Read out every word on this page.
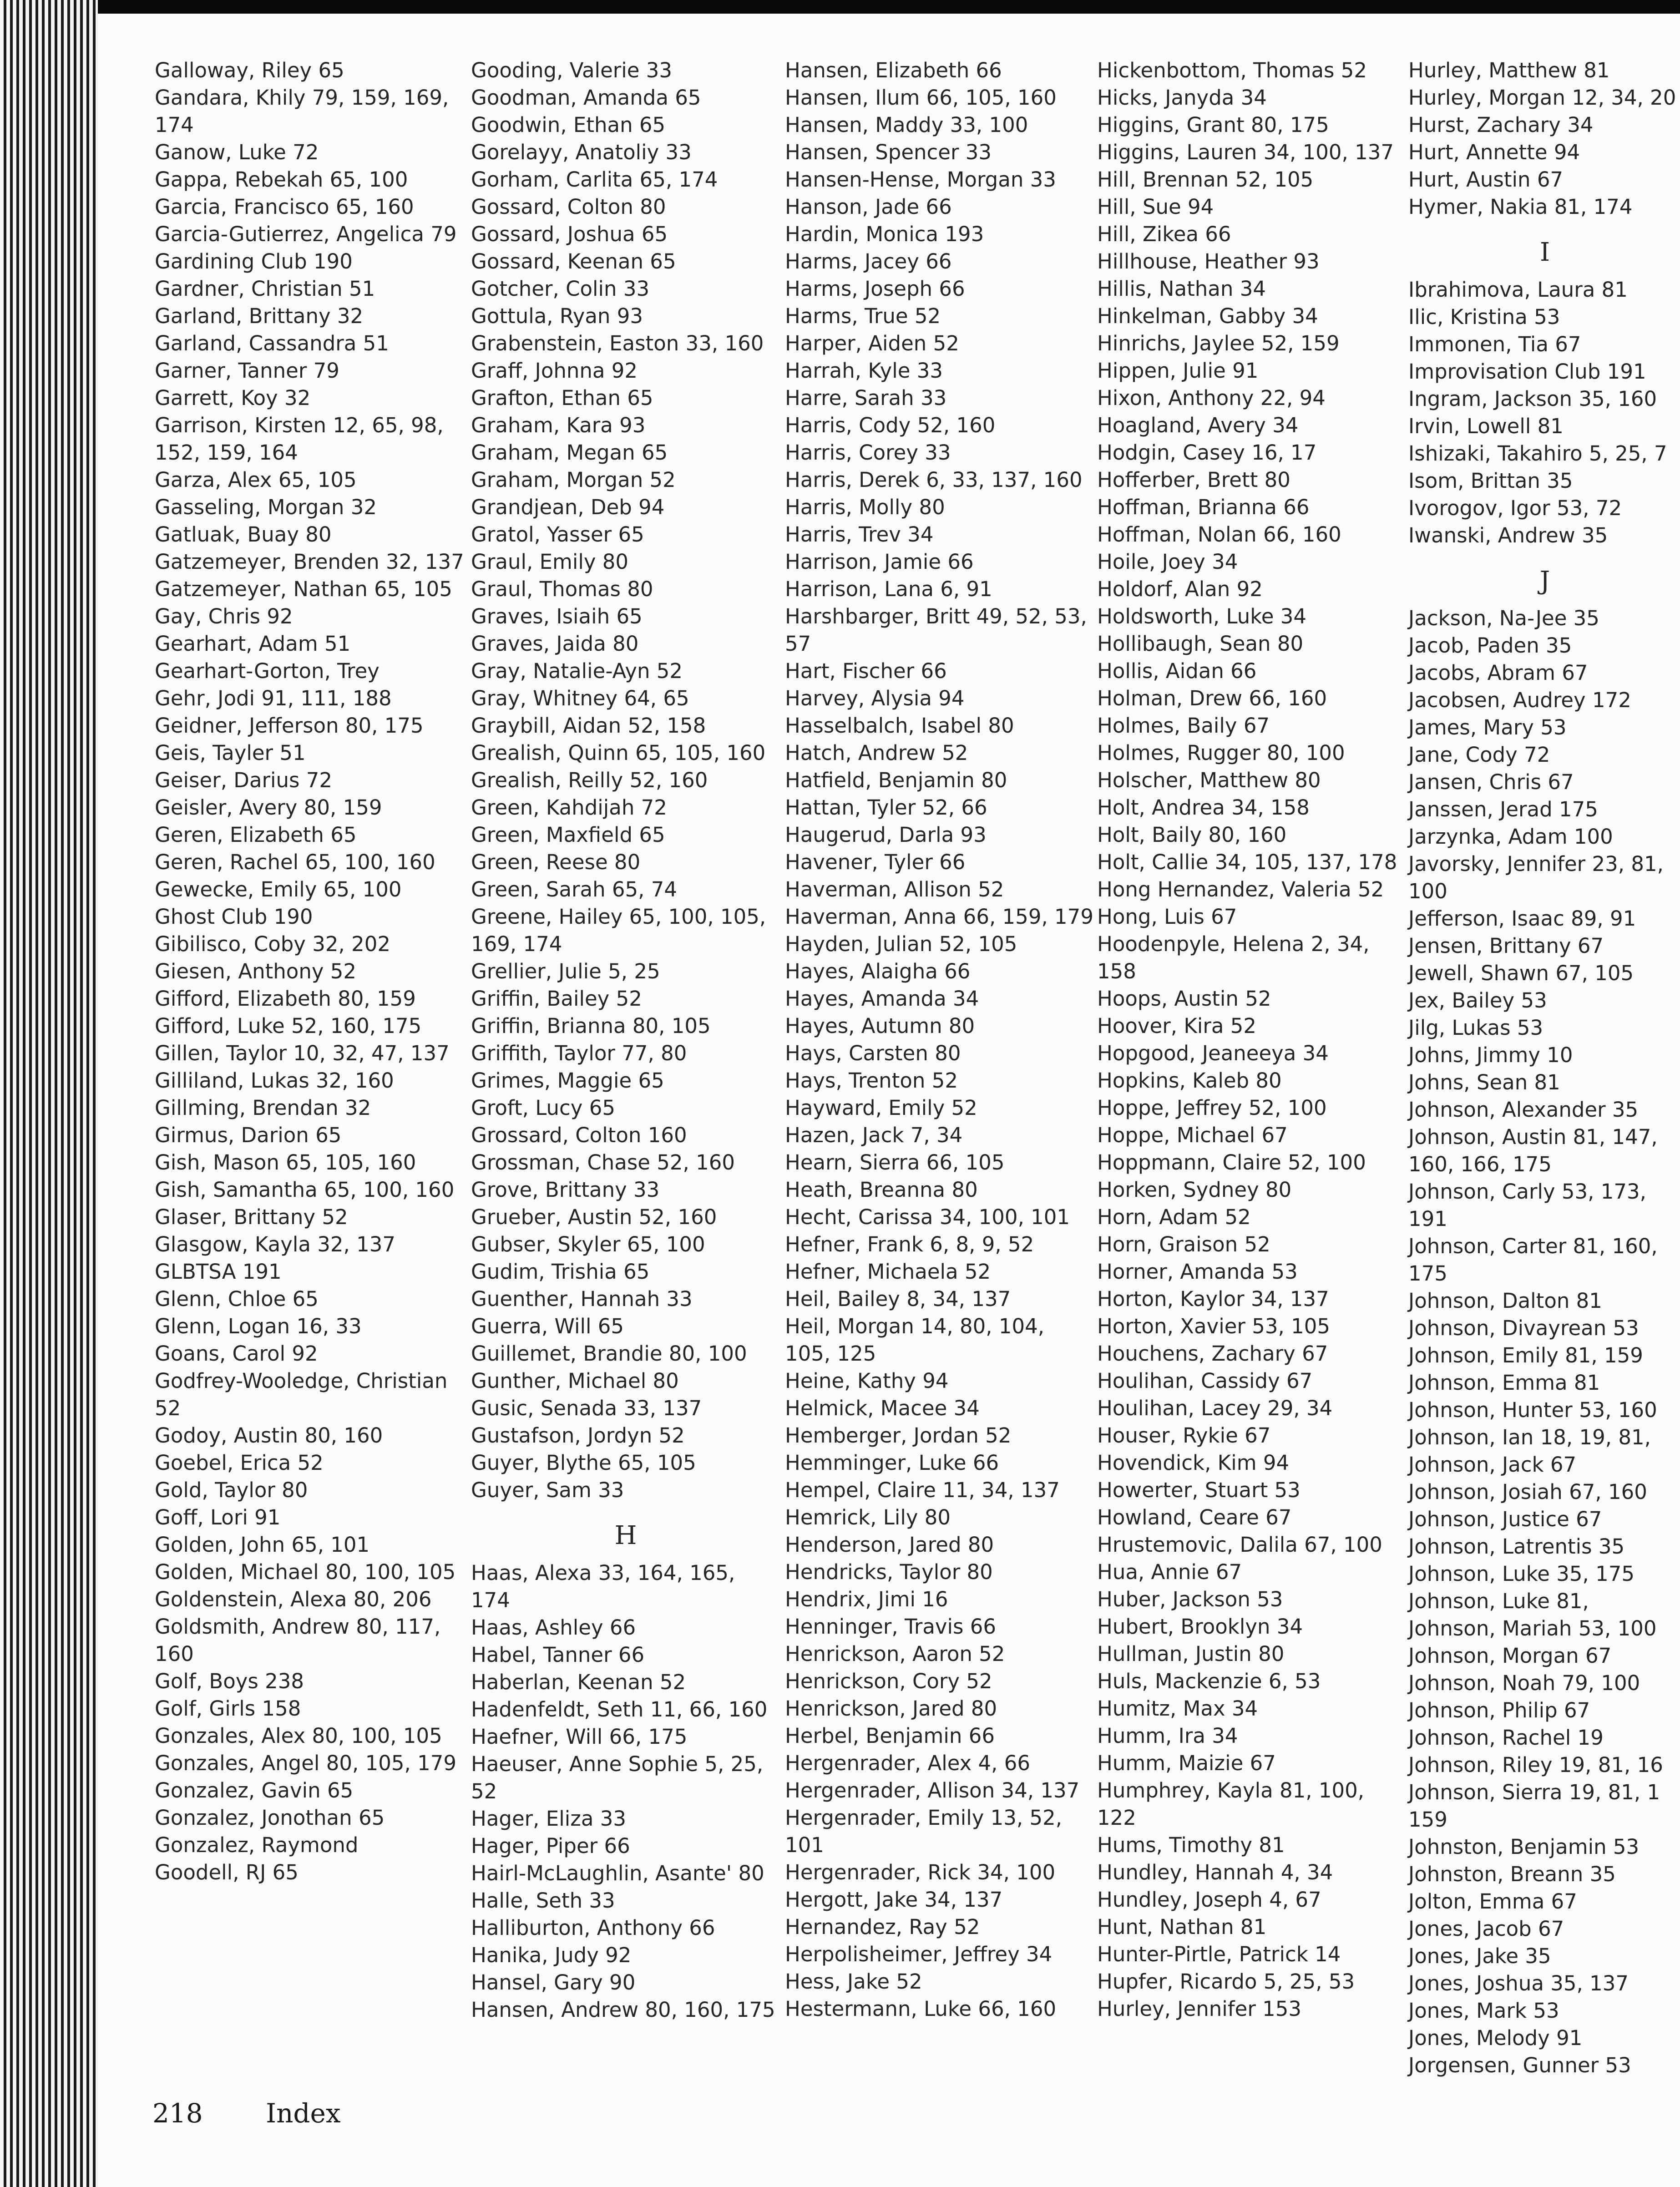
Galloway, Riley 65
Gandara, Khily 79, 159, 169, 174
Ganow, Luke 72
Gappa, Rebekah 65, 100
Garcia, Francisco 65, 160
Garcia-Gutierrez, Angelica 79
Gardining Club 190
Gardner, Christian 51
Garland, Brittany 32
Garland, Cassandra 51
Garner, Tanner 79
Garrett, Koy 32
Garrison, Kirsten 12, 65, 98, 152, 159, 164
Garza, Alex 65, 105
Gasseling, Morgan 32
Gatluak, Buay 80
Gatzemeyer, Brenden 32, 137
Gatzemeyer, Nathan 65, 105
Gay, Chris 92
Gearhart, Adam 51
Gearhart-Gorton, Trey
Gehr, Jodi 91, 111, 188
Geidner, Jefferson 80, 175
Geis, Tayler 51
Geiser, Darius 72
Geisler, Avery 80, 159
Geren, Elizabeth 65
Geren, Rachel 65, 100, 160
Gewecke, Emily 65, 100
Ghost Club 190
Gibilisco, Coby 32, 202
Giesen, Anthony 52
Gifford, Elizabeth 80, 159
Gifford, Luke 52, 160, 175
Gillen, Taylor 10, 32, 47, 137
Gilliland, Lukas 32, 160
Gillming, Brendan 32
Girmus, Darion 65
Gish, Mason 65, 105, 160
Gish, Samantha 65, 100, 160
Glaser, Brittany 52
Glasgow, Kayla 32, 137
GLBTSA 191
Glenn, Chloe 65
Glenn, Logan 16, 33
Goans, Carol 92
Godfrey-Wooledge, Christian 52
Godoy, Austin 80, 160
Goebel, Erica 52
Gold, Taylor 80
Goff, Lori 91
Golden, John 65, 101
Golden, Michael 80, 100, 105
Goldenstein, Alexa 80, 206
Goldsmith, Andrew 80, 117, 160
Golf, Boys 238
Golf, Girls 158
Gonzales, Alex 80, 100, 105
Gonzales, Angel 80, 105, 179
Gonzalez, Gavin 65
Gonzalez, Jonothan 65
Gonzalez, Raymond
Goodell, RJ 65
Gooding, Valerie 33
Goodman, Amanda 65
Goodwin, Ethan 65
Gorelayy, Anatoliy 33
Gorham, Carlita 65, 174
Gossard, Colton 80
Gossard, Joshua 65
Gossard, Keenan 65
Gotcher, Colin 33
Gottula, Ryan 93
Grabenstein, Easton 33, 160
Graff, Johnna 92
Grafton, Ethan 65
Graham, Kara 93
Graham, Megan 65
Graham, Morgan 52
Grandjean, Deb 94
Gratol, Yasser 65
Graul, Emily 80
Graul, Thomas 80
Graves, Isiaih 65
Graves, Jaida 80
Gray, Natalie-Ayn 52
Gray, Whitney 64, 65
Graybill, Aidan 52, 158
Grealish, Quinn 65, 105, 160
Grealish, Reilly 52, 160
Green, Kahdijah 72
Green, Maxfield 65
Green, Reese 80
Green, Sarah 65, 74
Greene, Hailey 65, 100, 105, 169, 174
Grellier, Julie 5, 25
Griffin, Bailey 52
Griffin, Brianna 80, 105
Griffith, Taylor 77, 80
Grimes, Maggie 65
Groft, Lucy 65
Grossard, Colton 160
Grossman, Chase 52, 160
Grove, Brittany 33
Grueber, Austin 52, 160
Gubser, Skyler 65, 100
Gudim, Trishia 65
Guenther, Hannah 33
Guerra, Will 65
Guillemet, Brandie 80, 100
Gunther, Michael 80
Gusic, Senada 33, 137
Gustafson, Jordyn 52
Guyer, Blythe 65, 105
Guyer, Sam 33
H
Haas, Alexa 33, 164, 165, 174
Haas, Ashley 66
Habel, Tanner 66
Haberlan, Keenan 52
Hadenfeldt, Seth 11, 66, 160
Haefner, Will 66, 175
Haeuser, Anne Sophie 5, 25, 52
Hager, Eliza 33
Hager, Piper 66
Hairl-McLaughlin, Asante' 80
Halle, Seth 33
Halliburton, Anthony 66
Hanika, Judy 92
Hansel, Gary 90
Hansen, Andrew 80, 160, 175
Hansen, Elizabeth 66
Hansen, Ilum 66, 105, 160
Hansen, Maddy 33, 100
Hansen, Spencer 33
Hansen-Hense, Morgan 33
Hanson, Jade 66
Hardin, Monica 193
Harms, Jacey 66
Harms, Joseph 66
Harms, True 52
Harper, Aiden 52
Harrah, Kyle 33
Harre, Sarah 33
Harris, Cody 52, 160
Harris, Corey 33
Harris, Derek 6, 33, 137, 160
Harris, Molly 80
Harris, Trev 34
Harrison, Jamie 66
Harrison, Lana 6, 91
Harshbarger, Britt 49, 52, 53, 57
Hart, Fischer 66
Harvey, Alysia 94
Hasselbalch, Isabel 80
Hatch, Andrew 52
Hatfield, Benjamin 80
Hattan, Tyler 52, 66
Haugerud, Darla 93
Havener, Tyler 66
Haverman, Allison 52
Haverman, Anna 66, 159, 179
Hayden, Julian 52, 105
Hayes, Alaigha 66
Hayes, Amanda 34
Hayes, Autumn 80
Hays, Carsten 80
Hays, Trenton 52
Hayward, Emily 52
Hazen, Jack 7, 34
Hearn, Sierra 66, 105
Heath, Breanna 80
Hecht, Carissa 34, 100, 101
Hefner, Frank 6, 8, 9, 52
Hefner, Michaela 52
Heil, Bailey 8, 34, 137
Heil, Morgan 14, 80, 104, 105, 125
Heine, Kathy 94
Helmick, Macee 34
Hemberger, Jordan 52
Hemminger, Luke 66
Hempel, Claire 11, 34, 137
Hemrick, Lily 80
Henderson, Jared 80
Hendricks, Taylor 80
Hendrix, Jimi 16
Henninger, Travis 66
Henrickson, Aaron 52
Henrickson, Cory 52
Henrickson, Jared 80
Herbel, Benjamin 66
Hergenrader, Alex 4, 66
Hergenrader, Allison 34, 137
Hergenrader, Emily 13, 52, 101
Hergenrader, Rick 34, 100
Hergott, Jake 34, 137
Hernandez, Ray 52
Herpolisheimer, Jeffrey 34
Hess, Jake 52
Hestermann, Luke 66, 160
Hickenbottom, Thomas 52
Hicks, Janyda 34
Higgins, Grant 80, 175
Higgins, Lauren 34, 100, 137
Hill, Brennan 52, 105
Hill, Sue 94
Hill, Zikea 66
Hillhouse, Heather 93
Hillis, Nathan 34
Hinkelman, Gabby 34
Hinrichs, Jaylee 52, 159
Hippen, Julie 91
Hixon, Anthony 22, 94
Hoagland, Avery 34
Hodgin, Casey 16, 17
Hofferber, Brett 80
Hoffman, Brianna 66
Hoffman, Nolan 66, 160
Hoile, Joey 34
Holdorf, Alan 92
Holdsworth, Luke 34
Hollibaugh, Sean 80
Hollis, Aidan 66
Holman, Drew 66, 160
Holmes, Baily 67
Holmes, Rugger 80, 100
Holscher, Matthew 80
Holt, Andrea 34, 158
Holt, Baily 80, 160
Holt, Callie 34, 105, 137, 178
Hong Hernandez, Valeria 52
Hong, Luis 67
Hoodenpyle, Helena 2, 34, 158
Hoops, Austin 52
Hoover, Kira 52
Hopgood, Jeaneeya 34
Hopkins, Kaleb 80
Hoppe, Jeffrey 52, 100
Hoppe, Michael 67
Hoppmann, Claire 52, 100
Horken, Sydney 80
Horn, Adam 52
Horn, Graison 52
Horner, Amanda 53
Horton, Kaylor 34, 137
Horton, Xavier 53, 105
Houchens, Zachary 67
Houlihan, Cassidy 67
Houlihan, Lacey 29, 34
Houser, Rykie 67
Hovendick, Kim 94
Howerter, Stuart 53
Howland, Ceare 67
Hrustemovic, Dalila 67, 100
Hua, Annie 67
Huber, Jackson 53
Hubert, Brooklyn 34
Hullman, Justin 80
Huls, Mackenzie 6, 53
Humitz, Max 34
Humm, Ira 34
Humm, Maizie 67
Humphrey, Kayla 81, 100, 122
Hums, Timothy 81
Hundley, Hannah 4, 34
Hundley, Joseph 4, 67
Hunt, Nathan 81
Hunter-Pirtle, Patrick 14
Hupfer, Ricardo 5, 25, 53
Hurley, Jennifer 153
Hurley, Matthew 81
Hurley, Morgan 12, 34, 20
Hurst, Zachary 34
Hurt, Annette 94
Hurt, Austin 67
Hymer, Nakia 81, 174
I
Ibrahimova, Laura 81
Ilic, Kristina 53
Immonen, Tia 67
Improvisation Club 191
Ingram, Jackson 35, 160
Irvin, Lowell 81
Ishizaki, Takahiro 5, 25, 7
Isom, Brittan 35
Ivorogov, Igor 53, 72
Iwanski, Andrew 35
J
Jackson, Na-Jee 35
Jacob, Paden 35
Jacobs, Abram 67
Jacobsen, Audrey 172
James, Mary 53
Jane, Cody 72
Jansen, Chris 67
Janssen, Jerad 175
Jarzynka, Adam 100
Javorsky, Jennifer 23, 81,
100
Jefferson, Isaac 89, 91
Jensen, Brittany 67
Jewell, Shawn 67, 105
Jex, Bailey 53
Jilg, Lukas 53
Johns, Jimmy 10
Johns, Sean 81
Johnson, Alexander 35
Johnson, Austin 81, 147,
160, 166, 175
Johnson, Carly 53, 173,
191
Johnson, Carter 81, 160,
175
Johnson, Dalton 81
Johnson, Divayrean 53
Johnson, Emily 81, 159
Johnson, Emma 81
Johnson, Hunter 53, 160
Johnson, Ian 18, 19, 81,
Johnson, Jack 67
Johnson, Josiah 67, 160
Johnson, Justice 67
Johnson, Latrentis 35
Johnson, Luke 35, 175
Johnson, Luke 81,
Johnson, Mariah 53, 100
Johnson, Morgan 67
Johnson, Noah 79, 100
Johnson, Philip 67
Johnson, Rachel 19
Johnson, Riley 19, 81, 16
Johnson, Sierra 19, 81, 1
159
Johnston, Benjamin 53
Johnston, Breann 35
Jolton, Emma 67
Jones, Jacob 67
Jones, Jake 35
Jones, Joshua 35, 137
Jones, Mark 53
Jones, Melody 91
Jorgensen, Gunner 53
218 Index
